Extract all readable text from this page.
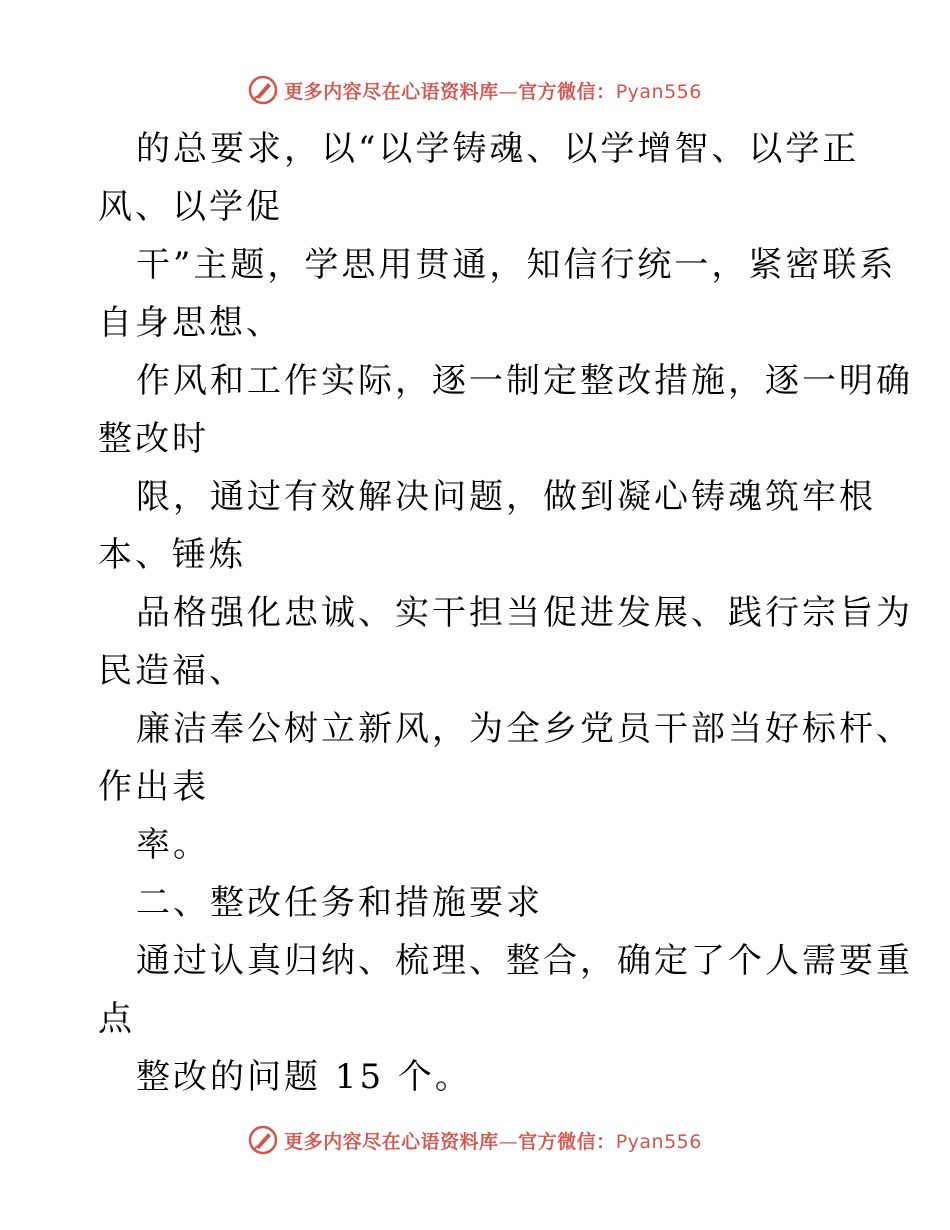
更多内容尽在心语资料库—官方微信：Pyan556
的总要求，以“以学铸魂、以学增智、以学正
风、以学促
干”主题，学思用贯通，知信行统一，紧密联系
自身思想、
作风和工作实际，逐一制定整改措施，逐一明确
整改时
限，通过有效解决问题，做到凝心铸魂筑牢根
本、锤炼
品格强化忠诚、实干担当促进发展、践行宗旨为
民造福、
廉洁奉公树立新风，为全乡党员干部当好标杆、
作出表
率。
二、整改任务和措施要求
通过认真归纳、梳理、整合，确定了个人需要重
点
整改的问题 15 个。
更多内容尽在心语资料库—官方微信：Pyan556
